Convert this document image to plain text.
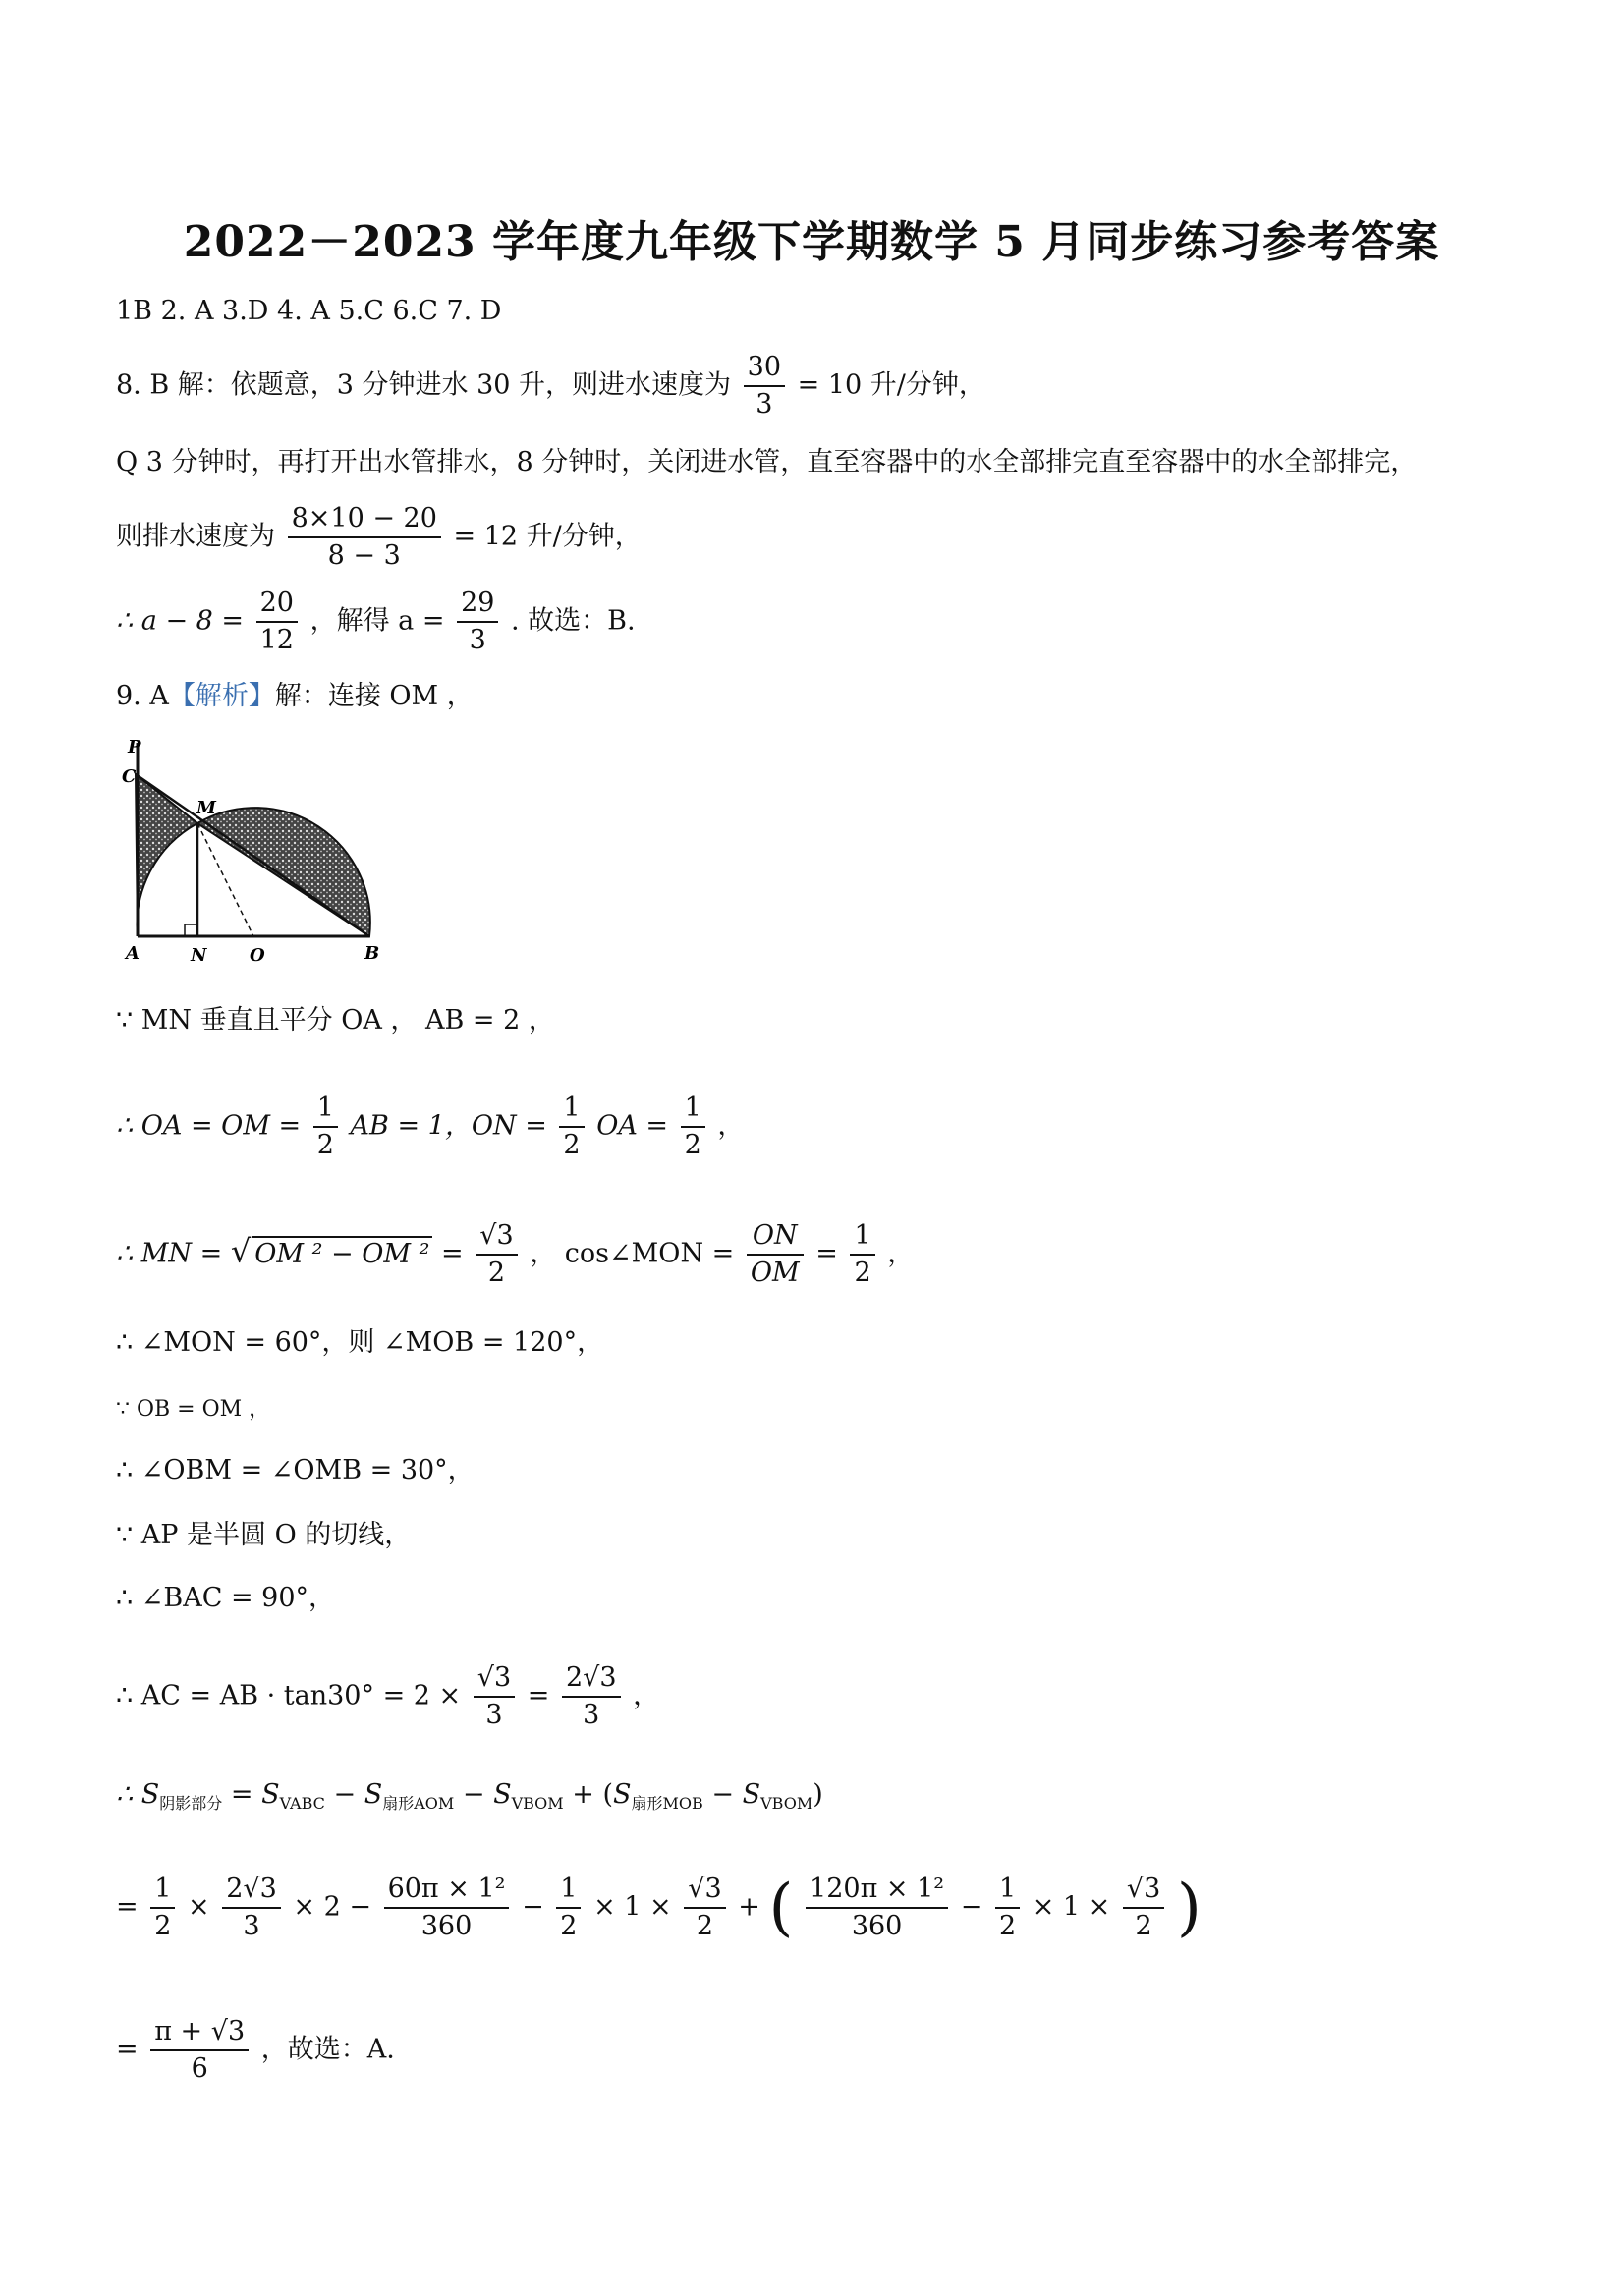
2022－2023 学年度九年级下学期数学 5 月同步练习参考答案
1B 2. A 3.D 4. A 5.C 6.C 7. D
8. B 解：依题意，3 分钟进水 30 升，则进水速度为 $\frac{30}{3} = 10$ 升/分钟，
Q 3 分钟时，再打开出水管排水，8 分钟时，关闭进水管，直至容器中的水全部排完直至容器中的水全部排完，
则排水速度为 $\frac{8\times 10 - 20}{8 - 3} = 12$ 升/分钟，
∴ $a - 8 = \frac{20}{12}$ ，解得 $a = \frac{29}{3}$ . 故选：B.
9. A【解析】解：连接 OM ，
P
C
M
A	N O	B
∵ MN 垂直且平分 OA ， AB = 2 ，
∴ OA = OM = $\frac{1}{2}$ AB = 1，ON = $\frac{1}{2}$ OA = $\frac{1}{2}$ ，
∴ MN = √ OM ² − OM $^2 = \frac{√3}{2}$ ， cos∠MON = $\frac{ON}{OM} = \frac{1}{2}$ ，
∴ ∠MON = 60°，则 ∠MOB = 120°，
∵ OB = OM ，
∴ ∠OBM = ∠OMB = 30°，
∵ AP 是半圆 O 的切线，
∴ ∠BAC = 90°，
∴ AC = AB · $\tan 30^\circ = 2 \times \frac{√3}{3} = \frac{2√3}{3}$ ，
∴ $S_{阴影部分} = S_{VABC} - S_{扇形AOM} - S_{VBOM} + (S_{扇形MOB} - S_{VBOM})$
= $\frac{1}{2} \times \frac{2√3}{3} \times 2 - \frac{\text{60π × 1²}}{360} - \frac{1}{2} \times 1 \times \frac{√3}{2}$ + ( $\frac{\text{120π × 1²}}{360} - \frac{1}{2} \times 1 \times \frac{√3}{2}$ )
= $\frac{\pi + √3}{6}$ ，故选：A.
